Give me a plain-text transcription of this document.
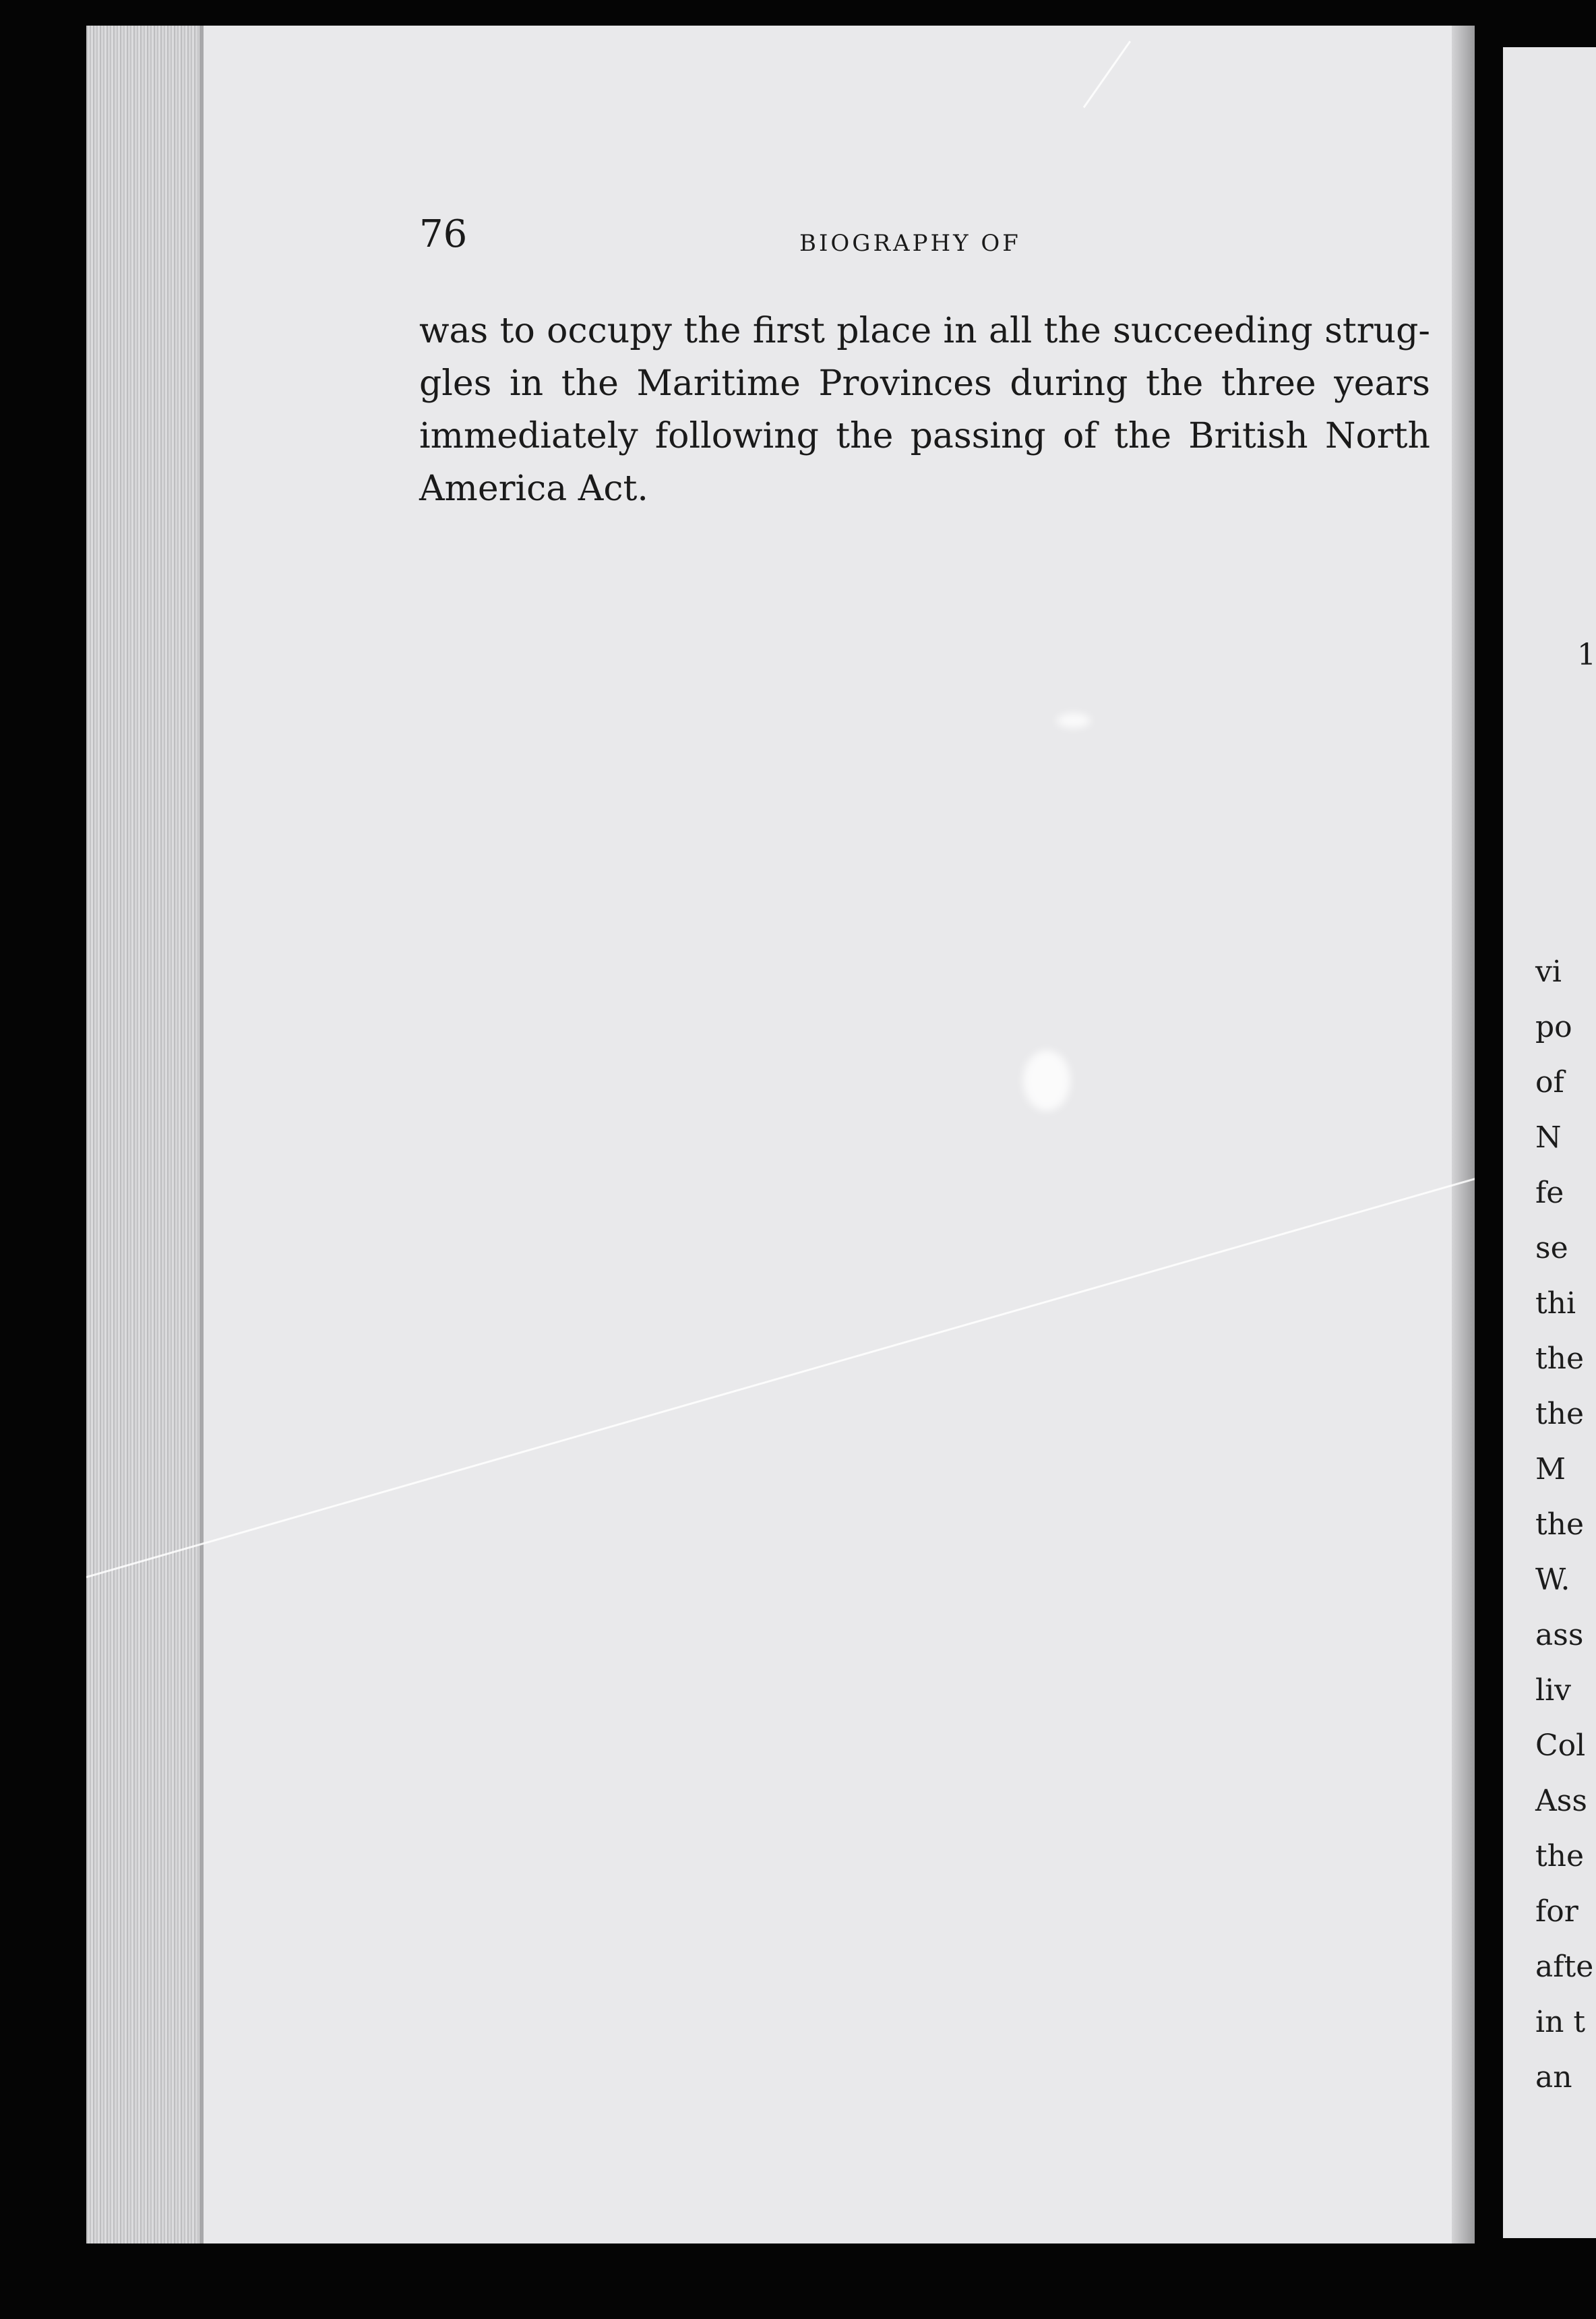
76	BIOGRAPHY OF
was to occupy the first place in all the succeeding strug-
gles in the Maritime Provinces during the three years
immediately following the passing of the British North
America Act.
1
vi
po
of
N
fe
se
thi
the
the
M
the
W.
ass
liv
Col
Ass
the
for
afte
in t
an
